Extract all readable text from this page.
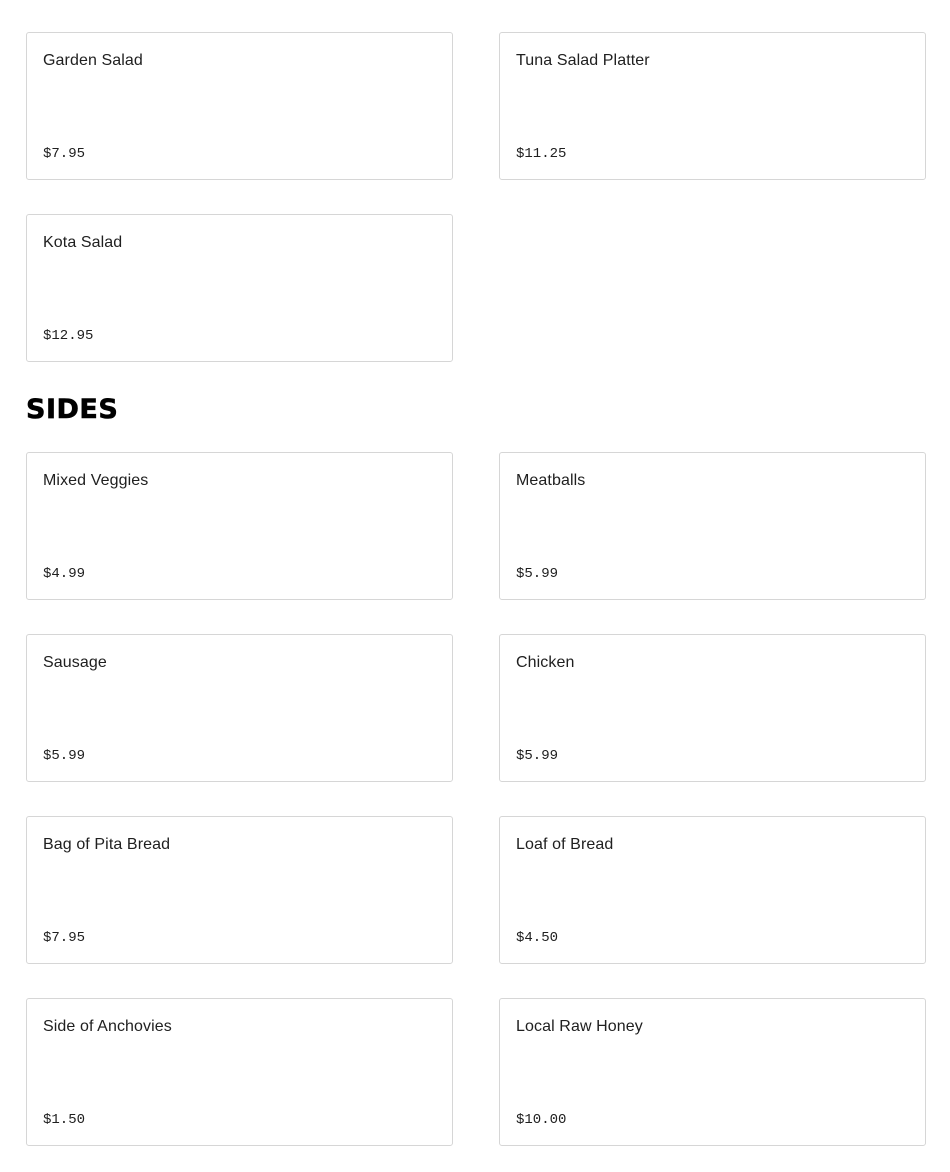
Garden Salad
$7.95
Tuna Salad Platter
$11.25
Kota Salad
$12.95
SIDES
Mixed Veggies
$4.99
Meatballs
$5.99
Sausage
$5.99
Chicken
$5.99
Bag of Pita Bread
$7.95
Loaf of Bread
$4.50
Side of Anchovies
$1.50
Local Raw Honey
$10.00
